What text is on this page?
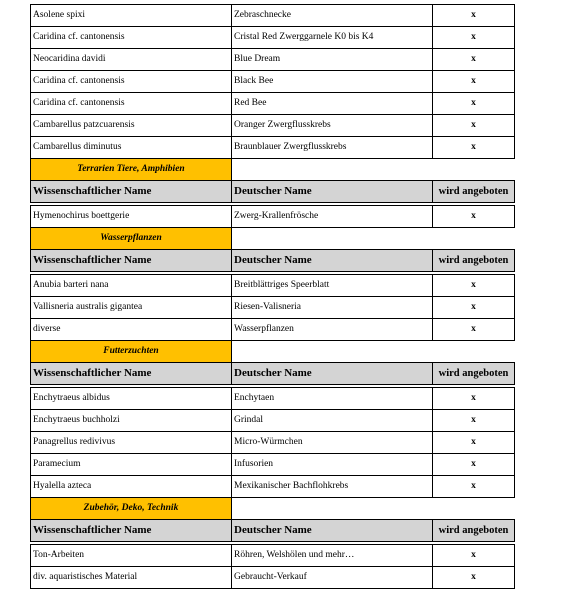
Asolene spixi	Zebraschnecke	x
Caridina cf. cantonensis	Cristal Red Zwerggarnele K0 bis K4	x
Neocaridina davidi	Blue Dream	x
Caridina cf. cantonensis	Black Bee	x
Caridina cf. cantonensis	Red Bee	x
Cambarellus patzcuarensis	Oranger Zwergflusskrebs	x
Cambarellus diminutus	Braunblauer Zwergflusskrebs	x
Terrarien Tiere, Amphibien		
Wissenschaftlicher Name	Deutscher Name	wird angeboten

Hymenochirus boettgerie	Zwerg-Krallenfrösche	x
Wasserpflanzen		
Wissenschaftlicher Name	Deutscher Name	wird angeboten

Anubia barteri nana	Breitblättriges Speerblatt	x
Vallisneria australis gigantea	Riesen-Valisneria	x
diverse	Wasserpflanzen	x
Futterzuchten		
Wissenschaftlicher Name	Deutscher Name	wird angeboten

Enchytraeus albidus	Enchytaen	x
Enchytraeus buchholzi	Grindal	x
Panagrellus redivivus	Micro-Würmchen	x
Paramecium	Infusorien	x
Hyalella azteca	Mexikanischer Bachflohkrebs	x
Zubehör, Deko, Technik		
Wissenschaftlicher Name	Deutscher Name	wird angeboten

Ton-Arbeiten	Röhren, Welshölen und mehr…	x
div. aquaristisches Material	Gebraucht-Verkauf	x
